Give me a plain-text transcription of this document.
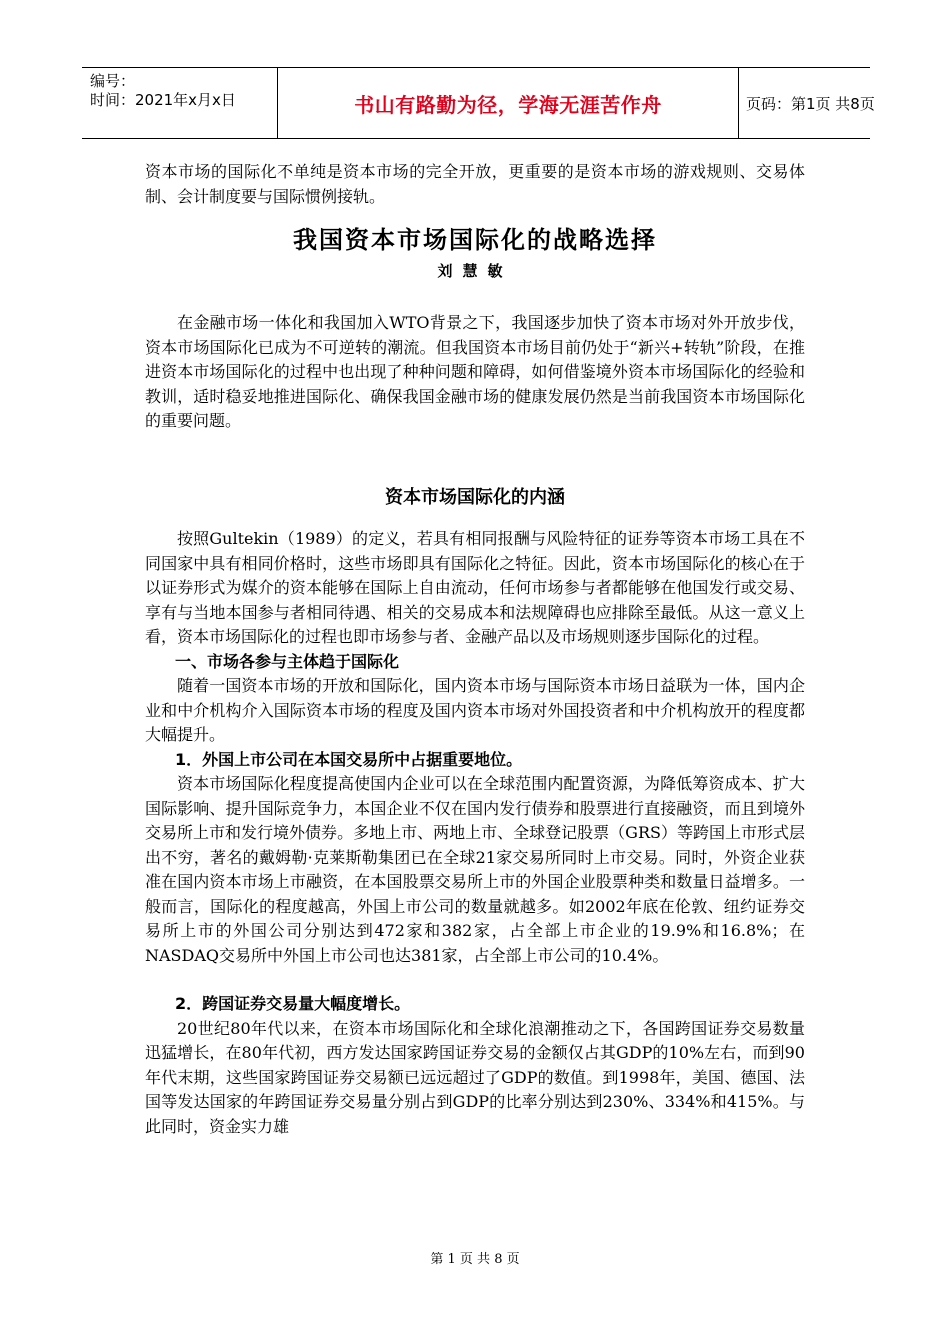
编号：
时间：2021年x月x日	书山有路勤为径，学海无涯苦作舟	页码：第1页 共8页

资本市场的国际化不单纯是资本市场的完全开放，更重要的是资本市场的游戏规则、交易体制、会计制度要与国际惯例接轨。

我国资本市场国际化的战略选择
刘慧敏

在金融市场一体化和我国加入WTO背景之下，我国逐步加快了资本市场对外开放步伐，资本市场国际化已成为不可逆转的潮流。但我国资本市场目前仍处于“新兴+转轨”阶段，在推进资本市场国际化的过程中也出现了种种问题和障碍，如何借鉴境外资本市场国际化的经验和教训，适时稳妥地推进国际化、确保我国金融市场的健康发展仍然是当前我国资本市场国际化的重要问题。

资本市场国际化的内涵

按照Gultekin（1989）的定义，若具有相同报酬与风险特征的证券等资本市场工具在不同国家中具有相同价格时，这些市场即具有国际化之特征。因此，资本市场国际化的核心在于以证券形式为媒介的资本能够在国际上自由流动，任何市场参与者都能够在他国发行或交易、享有与当地本国参与者相同待遇、相关的交易成本和法规障碍也应排除至最低。从这一意义上看，资本市场国际化的过程也即市场参与者、金融产品以及市场规则逐步国际化的过程。

一、市场各参与主体趋于国际化

随着一国资本市场的开放和国际化，国内资本市场与国际资本市场日益联为一体，国内企业和中介机构介入国际资本市场的程度及国内资本市场对外国投资者和中介机构放开的程度都大幅提升。

1．外国上市公司在本国交易所中占据重要地位。

资本市场国际化程度提高使国内企业可以在全球范围内配置资源，为降低筹资成本、扩大国际影响、提升国际竞争力，本国企业不仅在国内发行债券和股票进行直接融资，而且到境外交易所上市和发行境外债券。多地上市、两地上市、全球登记股票（GRS）等跨国上市形式层出不穷，著名的戴姆勒·克莱斯勒集团已在全球21家交易所同时上市交易。同时，外资企业获准在国内资本市场上市融资，在本国股票交易所上市的外国企业股票种类和数量日益增多。一般而言，国际化的程度越高，外国上市公司的数量就越多。如2002年底在伦敦、纽约证券交易所上市的外国公司分别达到472家和382家，占全部上市企业的19.9%和16.8%；在NASDAQ交易所中外国上市公司也达381家，占全部上市公司的10.4%。

2．跨国证券交易量大幅度增长。

20世纪80年代以来，在资本市场国际化和全球化浪潮推动之下，各国跨国证券交易数量迅猛增长，在80年代初，西方发达国家跨国证券交易的金额仅占其GDP的10%左右，而到90年代末期，这些国家跨国证券交易额已远远超过了GDP的数值。到1998年，美国、德国、法国等发达国家的年跨国证券交易量分别占到GDP的比率分别达到230%、334%和415%。与此同时，资金实力雄

第 1 页 共 8 页
